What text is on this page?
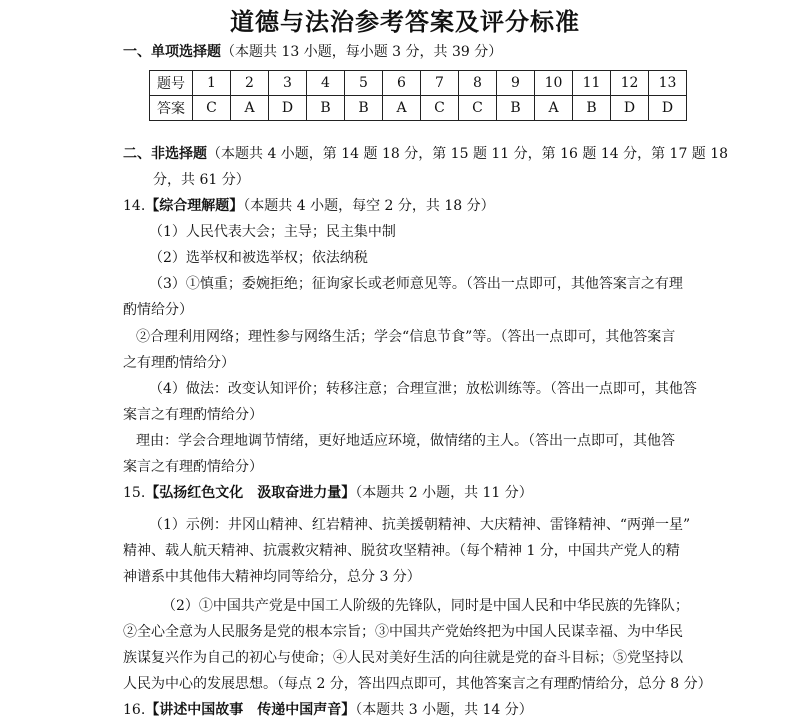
道德与法治参考答案及评分标准
一、单项选择题（本题共 13 小题，每小题 3 分，共 39 分）
题号	1	2	3	4	5	6	7	8	9	10	11	12	13
答案	C	A	D	B	B	A	C	C	B	A	B	D	D
二、非选择题（本题共 4 小题，第 14 题 18 分，第 15 题 11 分，第 16 题 14 分，第 17 题 18
分，共 61 分）
14.【综合理解题】（本题共 4 小题，每空 2 分，共 18 分）
（1）人民代表大会；主导；民主集中制
（2）选举权和被选举权；依法纳税
（3）①慎重；委婉拒绝；征询家长或老师意见等。（答出一点即可，其他答案言之有理
酌情给分）
②合理利用网络；理性参与网络生活；学会“信息节食”等。（答出一点即可，其他答案言
之有理酌情给分）
（4）做法：改变认知评价；转移注意；合理宣泄；放松训练等。（答出一点即可，其他答
案言之有理酌情给分）
理由：学会合理地调节情绪，更好地适应环境，做情绪的主人。（答出一点即可，其他答
案言之有理酌情给分）
15.【弘扬红色文化　汲取奋进力量】（本题共 2 小题，共 11 分）
（1）示例：井冈山精神、红岩精神、抗美援朝精神、大庆精神、雷锋精神、“两弹一星”
精神、载人航天精神、抗震救灾精神、脱贫攻坚精神。（每个精神 1 分，中国共产党人的精
神谱系中其他伟大精神均同等给分，总分 3 分）
（2）①中国共产党是中国工人阶级的先锋队，同时是中国人民和中华民族的先锋队；
②全心全意为人民服务是党的根本宗旨；③中国共产党始终把为中国人民谋幸福、为中华民
族谋复兴作为自己的初心与使命；④人民对美好生活的向往就是党的奋斗目标；⑤党坚持以
人民为中心的发展思想。（每点 2 分，答出四点即可，其他答案言之有理酌情给分，总分 8 分）
16.【讲述中国故事　传递中国声音】（本题共 3 小题，共 14 分）
